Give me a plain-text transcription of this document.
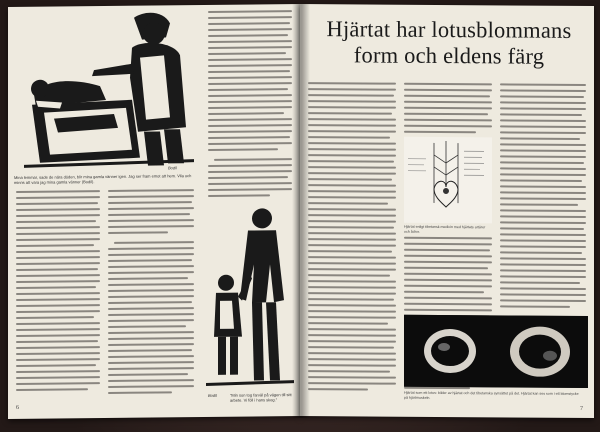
Bodil
Mina lemmar, sade de nära döden, blir mina gamla vänner igen. Jag ser fram emot att hem. Vila och minns att vara jag mina gamla vänner (Bodil).
Bodil	"Min son tog farväl på vägen till sitt arbete. Vi föll i hans skog."
6
Hjärtat har lotusblommans
form och eldens färg
Hjärtat enligt tibetansk medicin med hjärtats artärer och ådror.
Hjärtat som ett lotus: bilder av hjärtat och det tibetanska synsättet på det. Hjärtat kan ses som i ett blomstycke på hjärtmuskeln.
7
